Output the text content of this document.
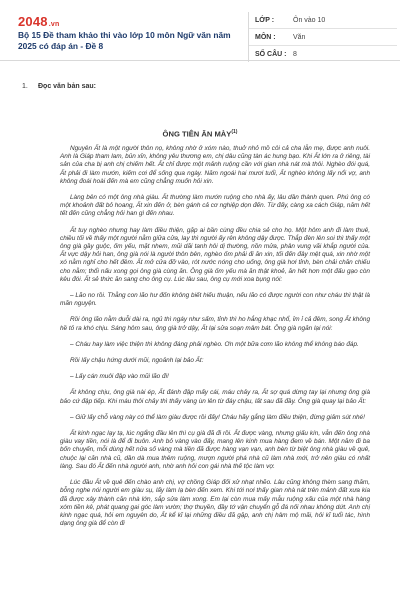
2048.vn
Bộ 15 Đề tham khảo thi vào lớp 10 môn Ngữ văn năm 2025 có đáp án - Đề 8
LỚP :	Ôn vào 10
MÔN :	Văn
SỐ CÂU : 8
1. Đọc văn bản sau:
ÔNG TIÊN ĂN MÀY$^{(1)}$

Nguyên Ất là một người thôn nọ, không nhờ ở xóm nào, thuở nhỏ mồ côi cả cha lẫn mẹ, được anh nuôi. Anh là Giáp tham lam, bủn xỉn, không yêu thương em, chị dâu cũng tàn ác hung bạo. Khi Ất lớn ra ở riêng, tài sản của cha bị anh chị chiếm hết. Ất chỉ được một mảnh ruộng cần với gian nhà nát mà thôi. Nghèo đói quá, Ất phải đi làm mướn, kiếm cơi để sống qua ngày. Năm ngoái hai mươi tuổi, Ất nghèo không lấy nổi vợ, anh không đoái hoài đến mà em cũng chẳng muốn hỏi xin.

Làng bên có một ông nhà giàu. Ất thường làm mướn ruộng cho nhà ấy, lâu dần thành quen. Phú ông có một khoảnh đất bỏ hoang, Ất xin đến ở, bèn gánh cả cơ nghiệp dọn đến. Từ đấy, càng xa cách Giáp, năm hết tết đến cũng chẳng hỏi han gì đến nhau.

Ất tuy nghèo nhưng hay làm điều thiện, gặp ai bần cùng đều chia sẻ cho họ. Một hôm anh đi làm thuê, chiều tối về thấy một người nằm giữa cửa, lay thì người ấy rên không dậy được. Thắp đèn lên soi thì thấy một ông già gầy guộc, ốm yếu, mặt nhem, mũi dãi tanh hôi dị thường, nồn mửa, phân vung vãi khắp người của. Ất vực dậy hỏi han, ông già nói là người thôn bên, nghèo ốm phải đi ăn xin, tối đến đây mệt quá, xin nhờ một xó nằm nghỉ cho hết đêm. Ất mở cửa đỡ vào, rót nước nóng cho uống, ông già hơi tỉnh, bèn chải chăn chiếu cho nằm; thổi nấu xong gọi ông già cùng ăn. Ông già ốm yếu mà ăn thật khoẻ, ăn hết hơn một đấu gạo còn kêu đói. Ất sẻ thức ăn sang cho ông cụ. Lúc lâu sau, ông cụ mới xoa bụng nói:

– Lão no rồi. Thằng con lão hư đốn không biết hiếu thuận, nếu lão có được người con như cháu thì thật là mãn nguyện.

Rồi ông lão nằm duỗi dài ra, ngủ thì ngáy như sấm, tỉnh thì ho hắng khạc nhổ, ỉm ỉ cả đêm, song Ất không hề tỏ ra khó chịu. Sáng hôm sau, ông già trở dậy, Ất lại sửa soạn mâm bát. Ông già ngăn lại nói:

– Cháu hay làm việc thiện thì không đáng phải nghèo. Ơn một bữa cơm lão không thể không báo đáp.

Rồi lấy chậu hứng dưới mũi, ngoảnh lại bảo Ất:

– Lấy cán muôi đập vào mũi lão đi!

Ất không chịu, ông già nài ép, Ất đánh đập mấy cái, máu chảy ra, Ất sợ quá dừng tay lại nhưng ông già bảo cứ đập tiếp. Khi máu thôi chảy thì thấy vàng ùn lên từ đáy chậu, lất sau đã đầy. Ông già quay lại bảo Ất:

– Giữ lấy chỗ vàng này có thể làm giàu được rồi đấy! Cháu hãy gắng làm điều thiện, đừng giảm sút nhé!

Ất kinh ngạc lạy tạ, lúc ngẩng đầu lên thì cụ già đã đi rồi. Ất được vàng, nhưng giấu kín, vẫn đến ông nhà giàu vay tiền, nói là để đi buôn. Anh bỏ vàng vào đấy, mang lên kinh mua hàng đem về bán. Một năm đi ba bốn chuyến, mỗi dùng hết nửa số vàng mà tiền đã được hàng vạn vạn, anh bèn từ biệt ông nhà giàu về quê, chuộc lại căn nhà cũ, dần dà mua thêm ruộng, mượn người phá nhà cũ làm nhà mới, trở nên giàu có nhất làng. Sau đó Ất đến nhà người anh, nhờ anh hỏi con gái nhà thế tộc làm vợ.

Lúc đầu Ất về quê đến chào anh chị, vợ chồng Giáp đối xử nhạt nhẽo. Lâu cũng không thèm sang thăm, bỗng nghe nói người em giàu sụ, lấy làm lạ bèn đến xem. Khi tới nơi thấy gian nhà nát trên mảnh đất xưa kia đã được xây thành căn nhà lớn, sắp sửa làm xong. Em lại còn mua mấy mẫu ruộng xấu của một nhà hàng xóm tiền kê, phát quang gai góc làm vườn; thợ thuyền, đầy tớ vận chuyển gỗ đá nối nhau không dứt. Anh chị kinh ngạc quá, hỏi em nguyên do, Ất kể kĩ lại những điều đã gặp, anh chị hâm mộ mãi, hỏi kĩ tuổi tác, hình dạng ông già để còn đi
